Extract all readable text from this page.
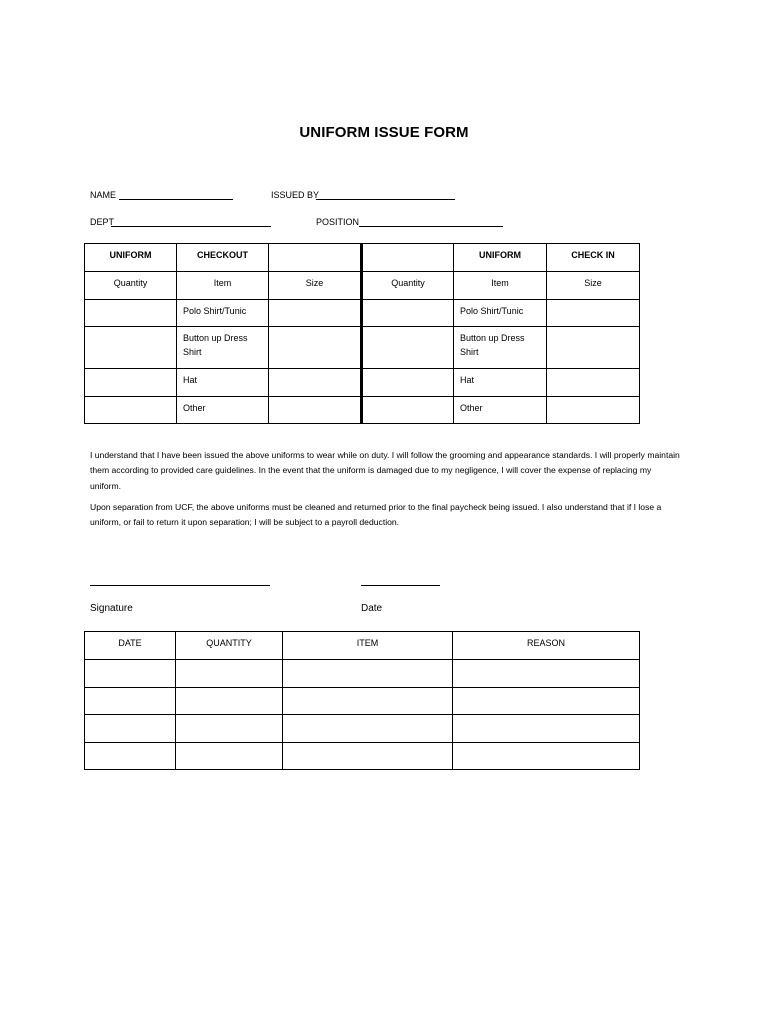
UNIFORM ISSUE FORM
NAME	ISSUED BY
DEPT	POSITION
UNIFORM	CHECKOUT			UNIFORM	CHECK IN
Quantity	Item	Size	Quantity	Item	Size
	Polo Shirt/Tunic			Polo Shirt/Tunic	
	Button up Dress Shirt			Button up Dress Shirt	
	Hat			Hat	
	Other			Other	

I understand that I have been issued the above uniforms to wear while on duty. I will follow the grooming and appearance standards. I will properly maintain them according to provided care guidelines. In the event that the uniform is damaged due to my negligence, I will cover the expense of replacing my uniform.

Upon separation from UCF, the above uniforms must be cleaned and returned prior to the final paycheck being issued. I also understand that if I lose a uniform, or fail to return it upon separation; I will be subject to a payroll deduction.

Signature	Date
DATE	QUANTITY	ITEM	REASON
